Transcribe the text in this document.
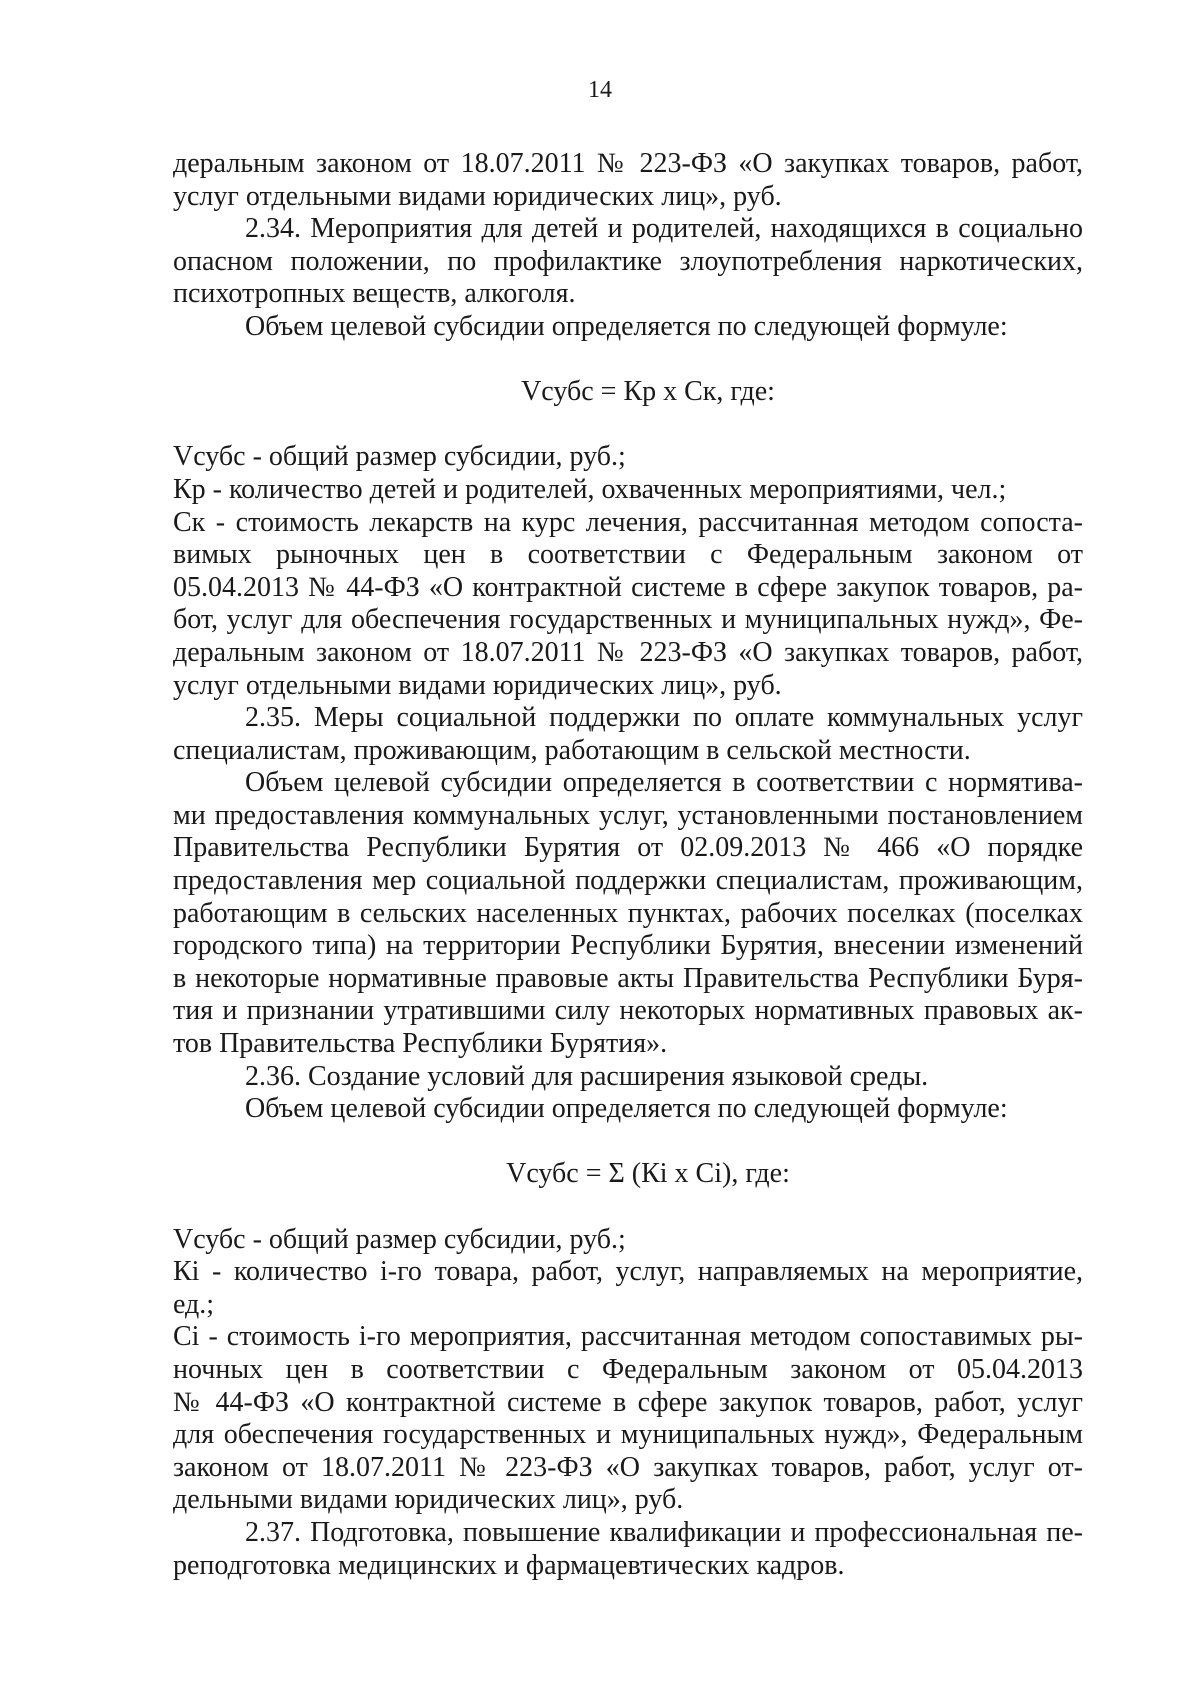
14
деральным законом от 18.07.2011 № 223-ФЗ «О закупках товаров, работ,
услуг отдельными видами юридических лиц», руб.
2.34. Мероприятия для детей и родителей, находящихся в социально
опасном положении, по профилактике злоупотребления наркотических,
психотропных веществ, алкоголя.
Объем целевой субсидии определяется по следующей формуле:
Vсубс = Кр х Ск, где:
Vсубс - общий размер субсидии, руб.;
Кр - количество детей и родителей, охваченных мероприятиями, чел.;
Ск - стоимость лекарств на курс лечения, рассчитанная методом сопоста-
вимых рыночных цен в соответствии с Федеральным законом от
05.04.2013 № 44-ФЗ «О контрактной системе в сфере закупок товаров, ра-
бот, услуг для обеспечения государственных и муниципальных нужд», Фе-
деральным законом от 18.07.2011 № 223-ФЗ «О закупках товаров, работ,
услуг отдельными видами юридических лиц», руб.
2.35. Меры социальной поддержки по оплате коммунальных услуг
специалистам, проживающим, работающим в сельской местности.
Объем целевой субсидии определяется в соответствии с нормятива-
ми предоставления коммунальных услуг, установленными постановлением
Правительства Республики Бурятия от 02.09.2013 № 466 «О порядке
предоставления мер социальной поддержки специалистам, проживающим,
работающим в сельских населенных пунктах, рабочих поселках (поселках
городского типа) на территории Республики Бурятия, внесении изменений
в некоторые нормативные правовые акты Правительства Республики Буря-
тия и признании утратившими силу некоторых нормативных правовых ак-
тов Правительства Республики Бурятия».
2.36. Создание условий для расширения языковой среды.
Объем целевой субсидии определяется по следующей формуле:
Vсубс = Σ (Кi х Сi), где:
Vсубс - общий размер субсидии, руб.;
Кi - количество i-го товара, работ, услуг, направляемых на мероприятие,
ед.;
Сi - стоимость i-го мероприятия, рассчитанная методом сопоставимых ры-
ночных цен в соответствии с Федеральным законом от 05.04.2013
№ 44-ФЗ «О контрактной системе в сфере закупок товаров, работ, услуг
для обеспечения государственных и муниципальных нужд», Федеральным
законом от 18.07.2011 № 223-ФЗ «О закупках товаров, работ, услуг от-
дельными видами юридических лиц», руб.
2.37. Подготовка, повышение квалификации и профессиональная пе-
реподготовка медицинских и фармацевтических кадров.
